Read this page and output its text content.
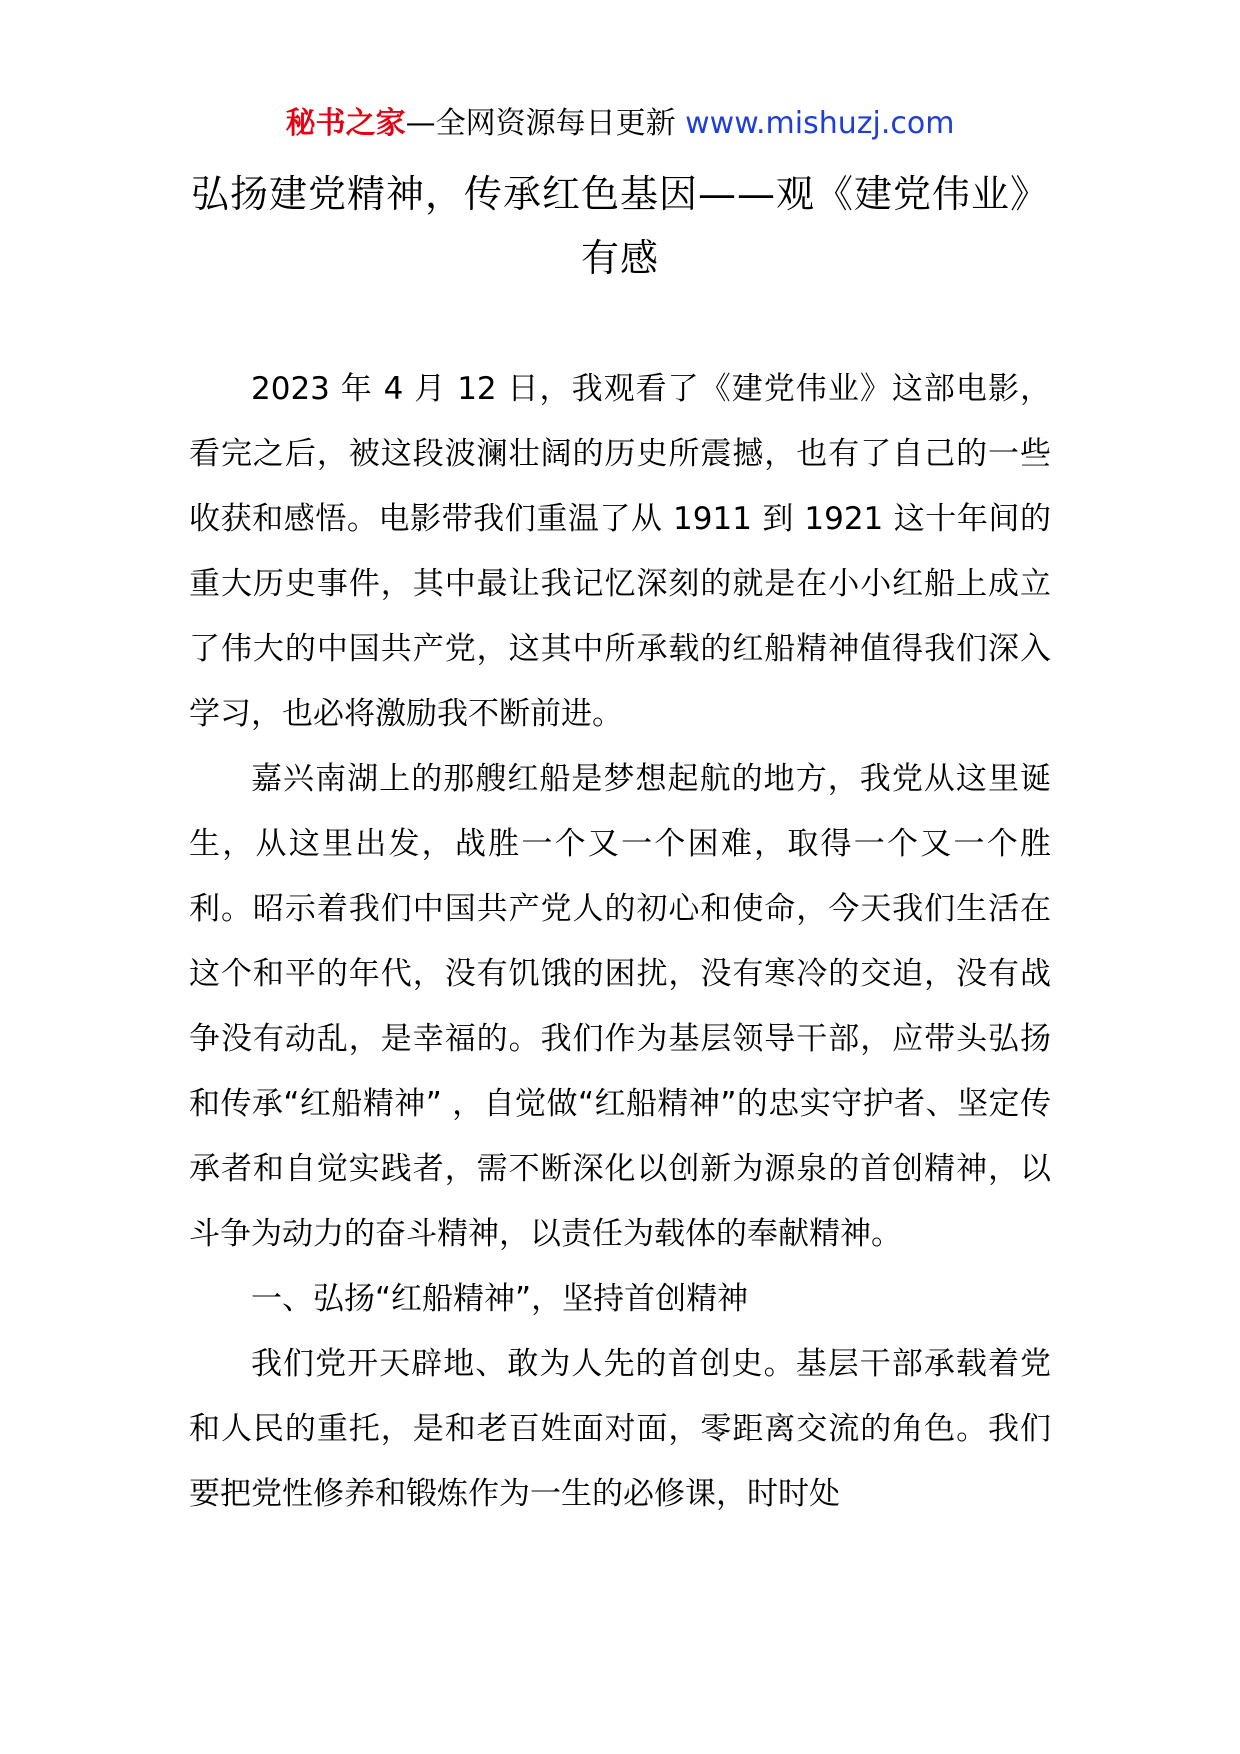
秘书之家—全网资源每日更新 www.mishuzj.com
弘扬建党精神，传承红色基因——观《建党伟业》有感

2023 年 4 月 12 日，我观看了《建党伟业》这部电影，看完之后，被这段波澜壮阔的历史所震撼，也有了自己的一些收获和感悟。电影带我们重温了从 1911 到 1921 这十年间的重大历史事件，其中最让我记忆深刻的就是在小小红船上成立了伟大的中国共产党，这其中所承载的红船精神值得我们深入学习，也必将激励我不断前进。

嘉兴南湖上的那艘红船是梦想起航的地方，我党从这里诞生，从这里出发，战胜一个又一个困难，取得一个又一个胜利。昭示着我们中国共产党人的初心和使命，今天我们生活在这个和平的年代，没有饥饿的困扰，没有寒冷的交迫，没有战争没有动乱，是幸福的。我们作为基层领导干部，应带头弘扬和传承“红船精神” ，自觉做“红船精神”的忠实守护者、坚定传承者和自觉实践者，需不断深化以创新为源泉的首创精神，以斗争为动力的奋斗精神，以责任为载体的奉献精神。

一、弘扬“红船精神”，坚持首创精神

我们党开天辟地、敢为人先的首创史。基层干部承载着党和人民的重托，是和老百姓面对面，零距离交流的角色。我们要把党性修养和锻炼作为一生的必修课，时时处
